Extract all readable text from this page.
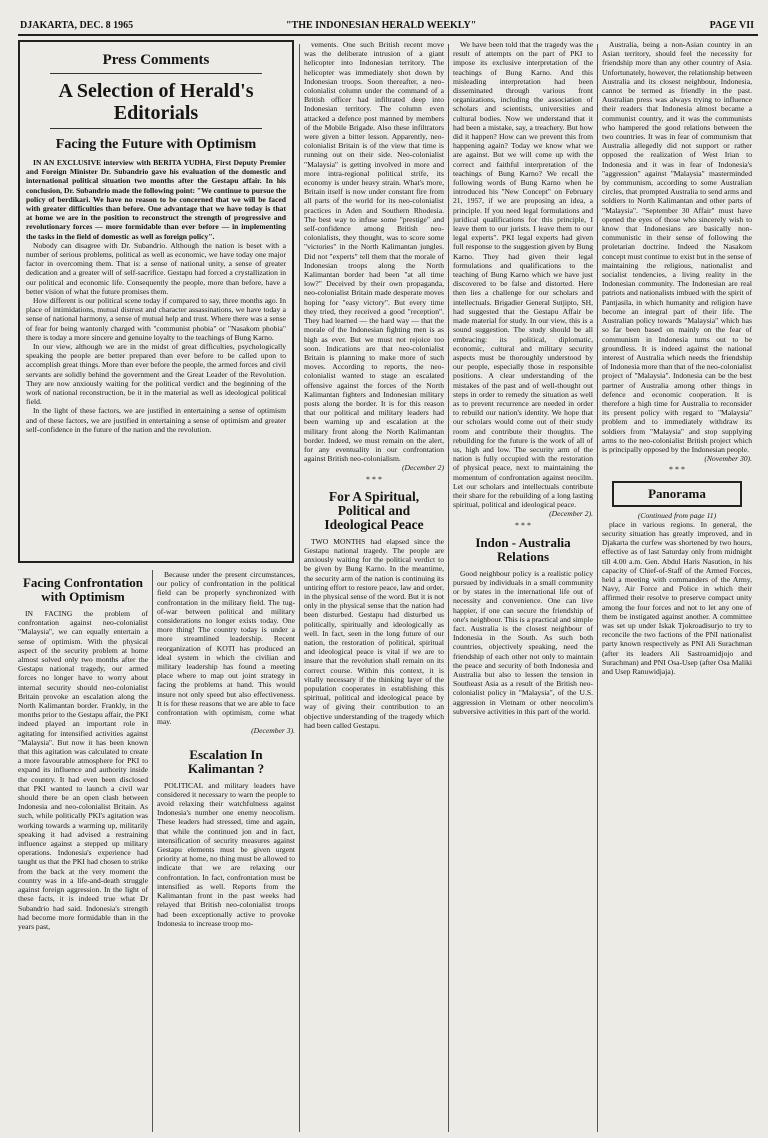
DJAKARTA, DEC. 8 1965	"THE INDONESIAN HERALD WEEKLY"	PAGE VII
Press Comments
A Selection of Herald's Editorials
Facing the Future with Optimism

IN AN EXCLUSIVE interview with BERITA YUDHA, First Deputy Premier and Foreign Minister Dr. Subandrio gave his evaluation of the domestic and international political situation two months after the Gestapu affair. In his conclusion, Dr. Subandrio made the following point: "We continue to pursue the policy of berdikari. We have no reason to be concerned that we will be faced with greater difficulties than before. One advantage that we have today is that at home we are in the position to reconstruct the strength of progressive and revolutionary forces — more formidable than ever before — in implementing the tasks in the field of domestic as well as foreign policy".

Nobody can disagree with Dr. Subandrio. Although the nation is beset with a number of serious problems, political as well as economic, we have today one major factor in overcoming them. That is: a sense of national unity, a sense of greater dedication and a greater will of self-sacrifice. Gestapu had forced a crystallization in our political and economic life. Consequently the people, more than before, have a better vision of what the future promises them.

How different is our political scene today if compared to say, three months ago. In place of intimidations, mutual distrust and character assassinations, we have today a sense of national harmony, a sense of mutual help and trust. Where there was a sense of fear for being wantonly charged with "communist phobia" or "Nasakom phobia" there is today a more sincere and genuine loyalty to the teachings of Bung Karno.

In our view, although we are in the midst of great difficulties, psychologically speaking the people are better prepared than ever before to be called upon to accomplish great things. More than ever before the people, the armed forces and civil servants are solidly behind the government and the Great Leader of the Revolution. They are now anxiously waiting for the political verdict and the beginning of the work of national reconstruction, be it in the material as well as ideological political field.

In the light of these factors, we are justified in entertaining a sense of optimism and of these factors, we are justified in entertaining a sense of optimism and greater self-confidence in the future of the nation and the revolution.

Facing Confrontation with Optimism

IN FACING the problem of confrontation against neo-colonialist "Malaysia", we can equally entertain a sense of optimism. With the physical aspect of the security problem at home almost solved only two months after the Gestapu national tragedy, our armed forces no longer have to worry about internal security should neo-colonialist Britain provoke an escalation along the North Kalimantan border. Frankly, in the months prior to the Gestapu affair, the PKI indeed played an important role in agitating for intensified activities against "Malaysia". But now it has been known that this agitation was calculated to create a more favourable atmosphere for PKI to expand its influence and authority inside the country. It had even been disclosed that PKI wanted to launch a civil war should there be an open clash between Indonesia and neo-colonialist Britain. As such, while politically PKI's agitation was working towards a warming up, militarily speaking it had advised a restraining influence against a stepped up military operations. Indonesia's experience had taught us that the PKI had chosen to strike from the back at the very moment the country was in a life-and-death struggle against foreign aggression. In the light of these facts, it is indeed true what Dr Subandrio had said. Indonesia's strength had become more formidable than in the years past,

Because under the present circumstances, our policy of confrontation in the political field can be properly synchronized with confrontation in the military field. The tug-of-war between political and military considerations no longer exists today. One more thing! The country today is under a more streamlined leadership. Recent reorganization of KOTI has produced an ideal system in which the civilian and military leadership has found a meeting place where to map out joint strategy in facing the problems at hand. This would insure not only speed but also effectiveness. It is for these reasons that we are able to face confrontation with optimism, come what may.

(December 3).
Escalation In Kalimantan ?

POLITICAL and military leaders have considered it necessary to warn the people to avoid relaxing their watchfulness against Indonesia's number one enemy neocolism. These leaders had stressed, time and again, that while the continued jon and in fact, intensification of security measures against Gestapu elements must be given urgent priority at home, no thing must be allowed to indicate that we are relaxing our confrontation. In fact, confrontation must be intensified as well. Reports from the Kalimantan front in the past weeks had relayed that British neo-colonialist troops had been exceptionally active to provoke Indonesia to increase troop mo-

vements. One such British recent move was the deliberate intrusion of a giant helicopter into Indonesian territory. The helicopter was immediately shot down by Indonesian troops. Soon thereafter, a neo-colonialist column under the command of a British officer had infiltrated deep into Indonesian territory. The column even attacked a defence post manned by members of the Mobile Brigade. Also these infiltrators were given a bitter lesson. Apparently, neo-colonialist Britain is of the view that time is running out on their side. Neo-colonialist "Malaysia" is getting involved in more and more intra-regional political strife, its economy is under heavy strain. What's more, Britain itself is now under constant fire from all parts of the world for its neo-colonialist practices in Aden and Southern Rhodesia. The best way to infuse some "prestige" and self-confidence among British neo-colonialists, they thought, was to score some "victories" in the North Kalimantan jungles. Did not "experts" tell them that the morale of Indonesian troops along the North Kalimantan border had been "at all time low?" Deceived by their own propaganda, neo-colonialist Britain made desperate moves hoping for "easy victory". But every time they tried, they received a good "reception". They had learned — the hard way — that the morale of the Indonesian fighting men is as high as ever. But we must not rejoice too soon. Indications are that neo-colonialist Britain is planning to make more of such moves. According to reports, the neo-colonialist wanted to stage an escalated offensive against the forces of the North Kalimantan fighters and Indonesian military posts along the border. It is for this reason that our political and military leaders had been warning up and escalation at the military front along the North Kalimantan border. Indeed, we must remain on the alert, for any eventuality in our confrontation against British neo-colonialism.

(December 2)
* * *
For A Spiritual, Political and Ideological Peace

TWO MONTHS had elapsed since the Gestapu national tragedy. The people are anxiously waiting for the political verdict to be given by Bung Karno. In the meantime, the security arm of the nation is continuing its untiring effort to restore peace, law and order, in the physical sense of the word. But it is not only in the physical sense that the nation had been disturbed. Gestapu had disturbed us politically, spiritually and ideologically as well. In fact, seen in the long future of our nation, the restoration of political, spiritual and ideological peace is vital if we are to insure that the revolution shall remain on its correct course. Within this context, it is vitally necessary if the thinking layer of the population cooperates in establishing this spiritual, political and ideological peace by way of giving their contribution to an objective understanding of the tragedy which had been called Gestapu.

We have been told that the tragedy was the result of attempts on the part of PKI to impose its exclusive interpretation of the teachings of Bung Karno. And this misleading interpretation had been disseminated through various front organizations, including the association of scholars and scientists, universities and cultural bodies. Now we understand that it had been a mistake, say, a treachery. But how did it happen? How can we prevent this from happening again? Today we know what we are against. But we will come up with the correct and faithful interpretation of the teachings of Bung Karno? We recall the following words of Bung Karno when he introduced his "New Concept" on February 21, 1957, if we are proposing an idea, a principle. If you need legal formulations and juridical qualifications for this principle, I leave them to our jurists. I leave them to our legal experts". PKI legal experts had given full response to the suggestion given by Bung Karno. They had given their legal formulations and qualifications to the teaching of Bung Karno which we have just discovered to be false and distorted. Here then lies a challenge for our scholars and intellectuals. Brigadier General Sutjipto, SH, had suggested that the Gestapu Affair be made material for study. In our view, this is a sound suggestion. The study should be all embracing: its political, diplomatic, economic, cultural and military security aspects must be thoroughly understood by our people, especially those in responsible positions. A clear understanding of the mistakes of the past and of well-thought out steps in order to remedy the situation as well as to prevent recurrence are needed in order to rebuild our nation's identity. We hope that our scholars would come out of their study room and contribute their thoughts. The rebuilding for the future is the work of all of us, high and low. The security arm of the nation is fully occupied with the restoration of physical peace, next to maintaining the momentum of confrontation against neocilm. Let our scholars and intellectuals contribute their share for the rebuilding of a long lasting spiritual, political and ideological peace.

(December 2).
* * *
Indon - Australia Relations

Good neighbour policy is a realistic policy pursued by individuals in a small community or by states in the international life out of necessity and convenience. One can live happier, if one can secure the friendship of one's neighbour. This is a practical and simple fact. Australia is the closest neighbour of Indonesia in the South. As such both countries, objectively speaking, need the friendship of each other not only to maintain the peace and security of both Indonesia and Australia but also to lessen the tension in Southeast Asia as a result of the British neo-colonialist policy in "Malaysia", of the U.S. aggression in Vietnam or other neocolim's subversive activities in this part of the world.

Australia, being a non-Asian country in an Asian territory, should feel the necessity for friendship more than any other country of Asia. Unfortunately, however, the relationship between Australia and its closest neighbour, Indonesia, cannot be termed as friendly in the past. Australian press was always trying to influence their readers that Indonesia almost became a communist country, and it was the communists who hampered the good relations between the two countries. It was in fear of communism that Australia allegedly did not support or rather opposed the realization of West Irian to Indonesia and it was in fear of Indonesia's "aggression" against "Malaysia" masterminded by communism, according to some Australian circles, that prompted Australia to send arms and soldiers to North Kalimantan and other parts of "Malaysia". "September 30 Affair" must have opened the eyes of those who sincerely wish to know that Indonesians are basically non-communistic in their sense of following the proletarian doctrine. Indeed the Nasakom concept must continue to exist but in the sense of maintaining the religious, nationalist and socialist tendencies, a living reality in the Indonesian community. The Indonesian are real patriots and nationalists imbued with the spirit of Pantjasila, in which humanity and religion have become an integral part of their life. The Australian policy towards "Malaysia" which has so far been based on mainly on the fear of communism in Indonesia turns out to be groundless. It is indeed against the national interest of Australia which needs the friendship of Indonesia more than that of the neo-colonialist project of "Malaysia". Indonesia can be the best partner of Australia among other things in defence and economic cooperation. It is therefore a high time for Australia to reconsider its present policy with regard to "Malaysia" problem and to immediately withdraw its soldiers from "Malaysia" and stop supplying arms to the neo-colonialist British project which is principally opposed by the Indonesian people.

(November 30).
* * *
Panorama
(Continued from page 11)

place in various regions. In general, the security situation has greatly improved, and in Djakarta the curfew was shortened by two hours, effective as of last Saturday only from midnight till 4.00 a.m. Gen. Abdul Haris Nasution, in his capacity of Chief-of-Staff of the Armed Forces, held a meeting with commanders of the Army, Navy, Air Force and Police in which their affirmed their resolve to preserve compact unity among the four forces and not to let any one of them be instigated against another. A committee was set up under Iskak Tjokroadisurjo to try to reconcile the two factions of the PNI nationalist party known respectively as PNI Ali Surachman (after its leaders Ali Sastroamidjojo and Surachman) and PNI Osa-Usep (after Osa Maliki and Usep Ranuwidjaja).
